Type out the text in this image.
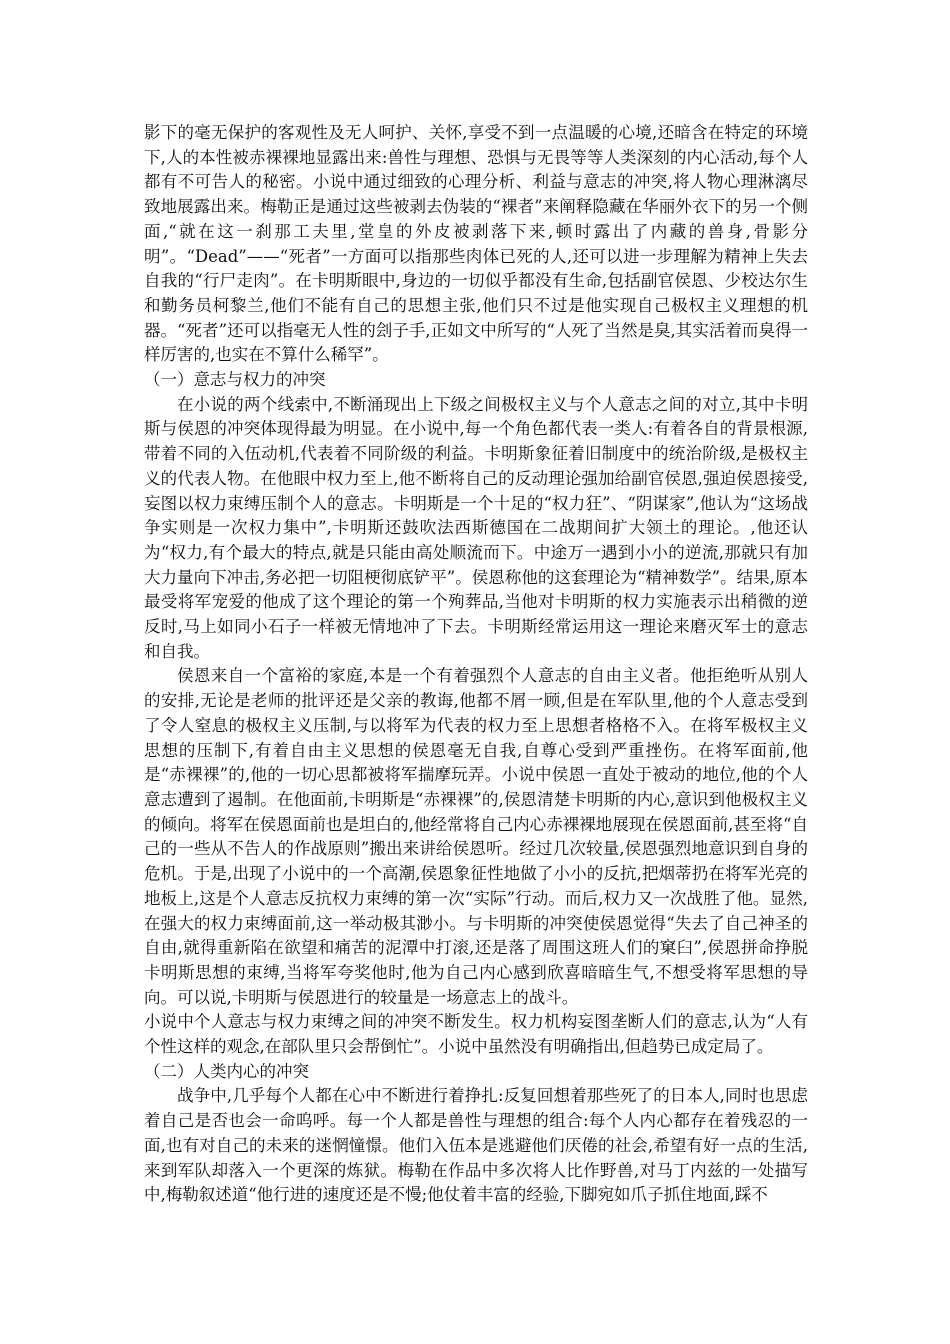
影下的毫无保护的客观性及无人呵护、关怀,享受不到一点温暖的心境,还暗含在特定的环境下,人的本性被赤裸裸地显露出来:兽性与理想、恐惧与无畏等等人类深刻的内心活动,每个人都有不可告人的秘密。小说中通过细致的心理分析、利益与意志的冲突,将人物心理淋漓尽致地展露出来。梅勒正是通过这些被剥去伪装的“裸者”来阐释隐藏在华丽外衣下的另一个侧面,“就在这一刹那工夫里,堂皇的外皮被剥落下来,顿时露出了内藏的兽身,骨影分明”。“Dead”——“死者”一方面可以指那些肉体已死的人,还可以进一步理解为精神上失去自我的“行尸走肉”。在卡明斯眼中,身边的一切似乎都没有生命,包括副官侯恩、少校达尔生和勤务员柯黎兰,他们不能有自己的思想主张,他们只不过是他实现自己极权主义理想的机器。“死者”还可以指毫无人性的刽子手,正如文中所写的“人死了当然是臭,其实活着而臭得一样厉害的,也实在不算什么稀罕”。

（一）意志与权力的冲突

在小说的两个线索中,不断涌现出上下级之间极权主义与个人意志之间的对立,其中卡明斯与侯恩的冲突体现得最为明显。在小说中,每一个角色都代表一类人:有着各自的背景根源,带着不同的入伍动机,代表着不同阶级的利益。卡明斯象征着旧制度中的统治阶级,是极权主义的代表人物。在他眼中权力至上,他不断将自己的反动理论强加给副官侯恩,强迫侯恩接受,妄图以权力束缚压制个人的意志。卡明斯是一个十足的“权力狂”、“阴谋家”,他认为“这场战争实则是一次权力集中”,卡明斯还鼓吹法西斯德国在二战期间扩大领土的理论。,他还认为“权力,有个最大的特点,就是只能由高处顺流而下。中途万一遇到小小的逆流,那就只有加大力量向下冲击,务必把一切阻梗彻底铲平”。侯恩称他的这套理论为“精神数学”。结果,原本最受将军宠爱的他成了这个理论的第一个殉葬品,当他对卡明斯的权力实施表示出稍微的逆反时,马上如同小石子一样被无情地冲了下去。卡明斯经常运用这一理论来磨灭军士的意志和自我。

侯恩来自一个富裕的家庭,本是一个有着强烈个人意志的自由主义者。他拒绝听从别人的安排,无论是老师的批评还是父亲的教诲,他都不屑一顾,但是在军队里,他的个人意志受到了令人窒息的极权主义压制,与以将军为代表的权力至上思想者格格不入。在将军极权主义思想的压制下,有着自由主义思想的侯恩毫无自我,自尊心受到严重挫伤。在将军面前,他是“赤裸裸”的,他的一切心思都被将军揣摩玩弄。小说中侯恩一直处于被动的地位,他的个人意志遭到了遏制。在他面前,卡明斯是“赤裸裸”的,侯恩清楚卡明斯的内心,意识到他极权主义的倾向。将军在侯恩面前也是坦白的,他经常将自己内心赤裸裸地展现在侯恩面前,甚至将“自己的一些从不告人的作战原则”搬出来讲给侯恩听。经过几次较量,侯恩强烈地意识到自身的危机。于是,出现了小说中的一个高潮,侯恩象征性地做了小小的反抗,把烟蒂扔在将军光亮的地板上,这是个人意志反抗权力束缚的第一次“实际”行动。而后,权力又一次战胜了他。显然,在强大的权力束缚面前,这一举动极其渺小。与卡明斯的冲突使侯恩觉得“失去了自己神圣的自由,就得重新陷在欲望和痛苦的泥潭中打滚,还是落了周围这班人们的窠臼”,侯恩拼命挣脱卡明斯思想的束缚,当将军夸奖他时,他为自己内心感到欣喜暗暗生气,不想受将军思想的导向。可以说,卡明斯与侯恩进行的较量是一场意志上的战斗。

小说中个人意志与权力束缚之间的冲突不断发生。权力机构妄图垄断人们的意志,认为“人有个性这样的观念,在部队里只会帮倒忙”。小说中虽然没有明确指出,但趋势已成定局了。

（二）人类内心的冲突

战争中,几乎每个人都在心中不断进行着挣扎:反复回想着那些死了的日本人,同时也思虑着自己是否也会一命呜呼。每一个人都是兽性与理想的组合:每个人内心都存在着残忍的一面,也有对自己的未来的迷惘憧憬。他们入伍本是逃避他们厌倦的社会,希望有好一点的生活,来到军队却落入一个更深的炼狱。梅勒在作品中多次将人比作野兽,对马丁内兹的一处描写中,梅勒叙述道“他行进的速度还是不慢;他仗着丰富的经验,下脚宛如爪子抓住地面,踩不
